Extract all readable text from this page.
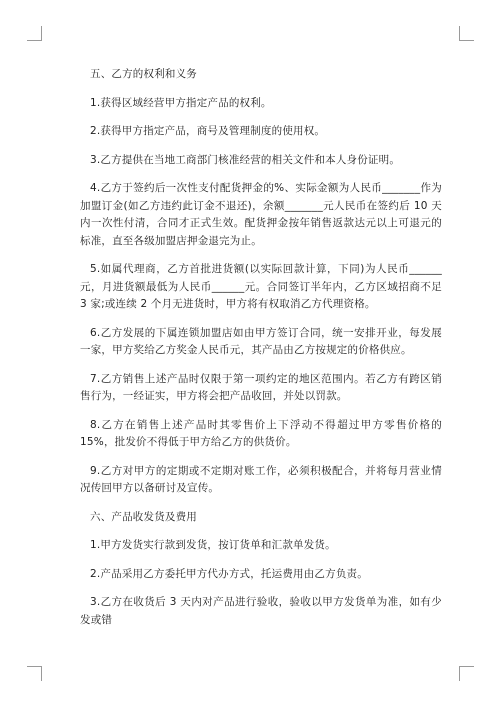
五、乙方的权利和义务

1.获得区域经营甲方指定产品的权利。

2.获得甲方指定产品，商号及管理制度的使用权。

3.乙方提供在当地工商部门核准经营的相关文件和本人身份证明。

4.乙方于签约后一次性支付配货押金的%、实际金额为人民币_______作为加盟订金(如乙方违约此订金不退还)，余额_______元人民币在签约后 10 天内一次性付清，合同才正式生效。配货押金按年销售返款达元以上可退元的标准，直至各级加盟店押金退完为止。

5.如属代理商，乙方首批进货额(以实际回款计算，下同)为人民币______元，月进货额最低为人民币______元。合同签订半年内，乙方区域招商不足 3 家;或连续 2 个月无进货时，甲方将有权取消乙方代理资格。

6.乙方发展的下属连锁加盟店如由甲方签订合同，统一安排开业，每发展一家，甲方奖给乙方奖金人民币元，其产品由乙方按规定的价格供应。

7.乙方销售上述产品时仅限于第一项约定的地区范围内。若乙方有跨区销售行为，一经证实，甲方将会把产品收回，并处以罚款。

8.乙方在销售上述产品时其零售价上下浮动不得超过甲方零售价格的 15%，批发价不得低于甲方给乙方的供货价。

9.乙方对甲方的定期或不定期对账工作，必须积极配合，并将每月营业情况传回甲方以备研讨及宣传。

六、产品收发货及费用

1.甲方发货实行款到发货，按订货单和汇款单发货。

2.产品采用乙方委托甲方代办方式，托运费用由乙方负责。

3.乙方在收货后 3 天内对产品进行验收，验收以甲方发货单为准，如有少发或错
